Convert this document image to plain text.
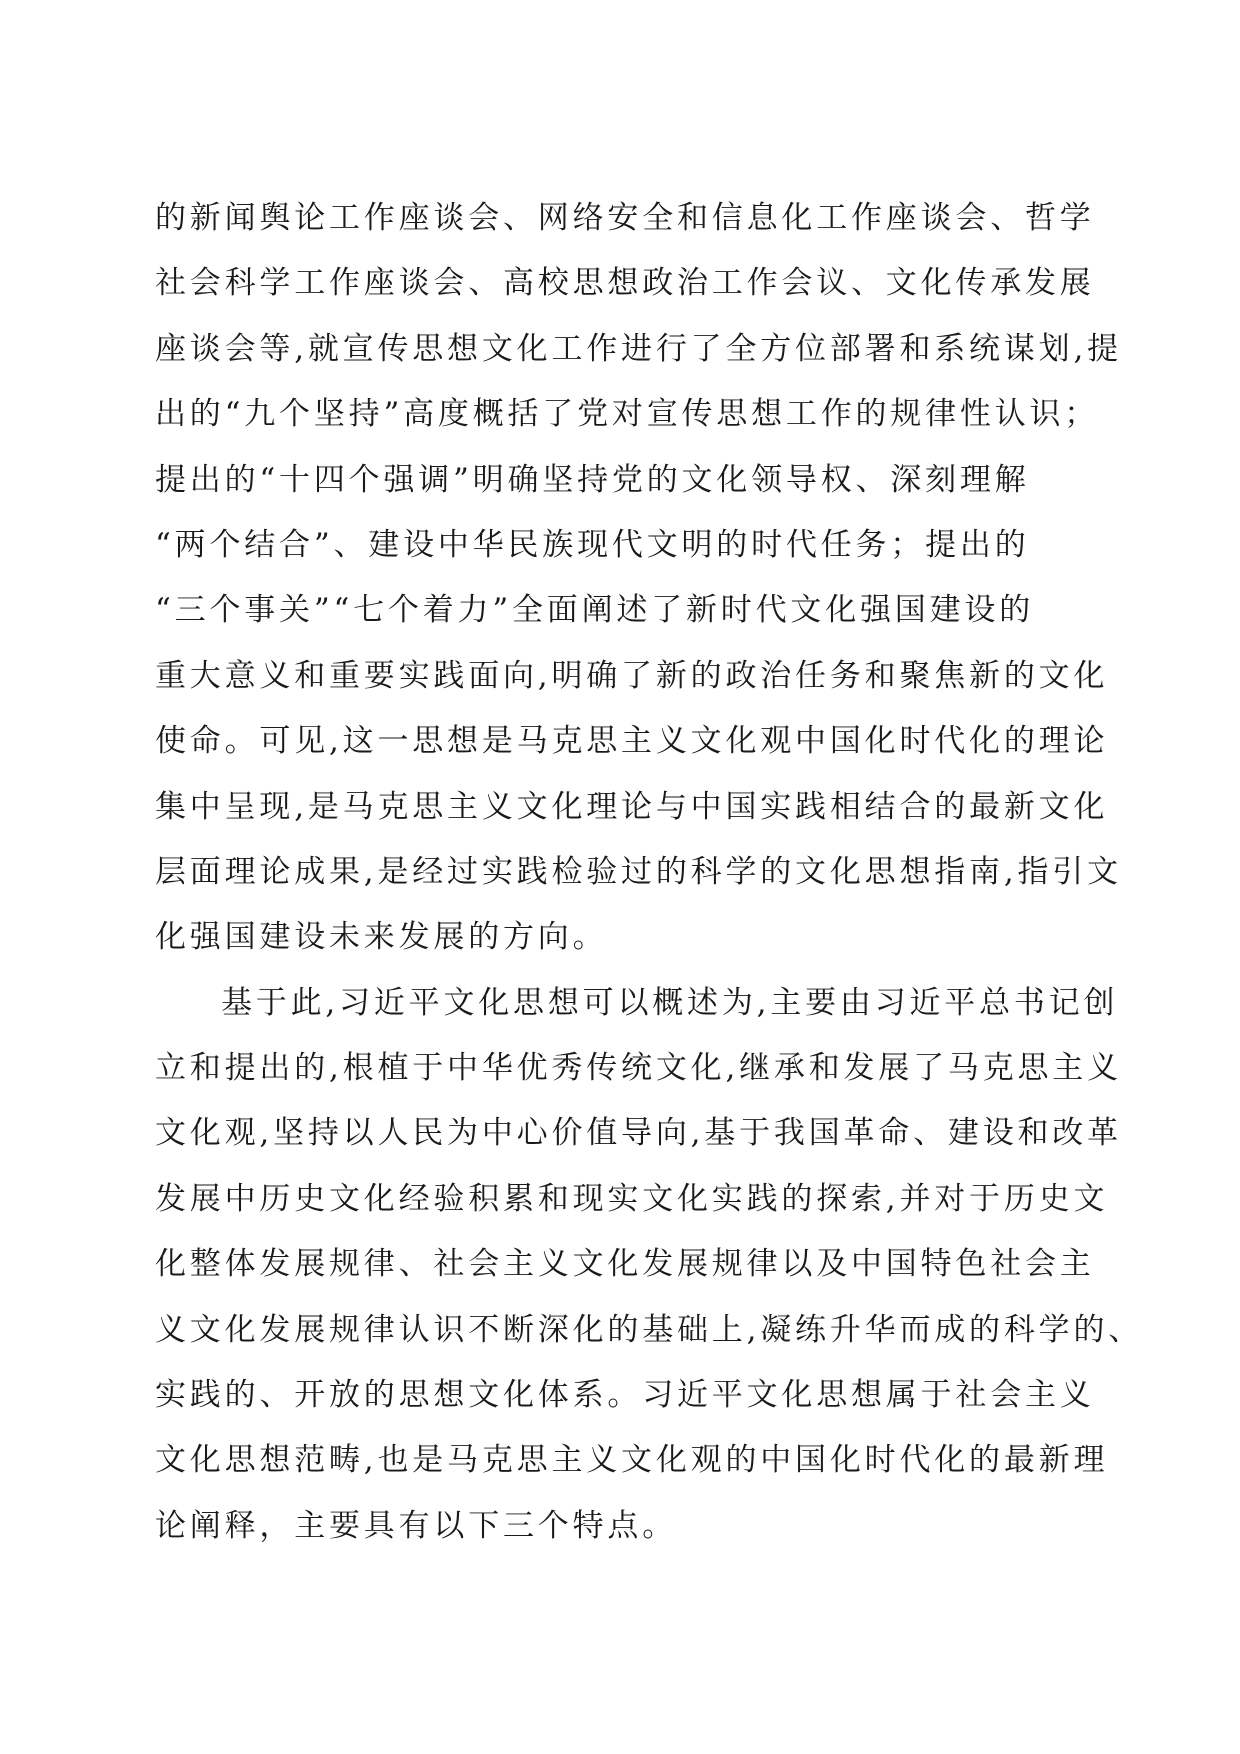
的新闻舆论工作座谈会、网络安全和信息化工作座谈会、哲学
社会科学工作座谈会、高校思想政治工作会议、文化传承发展
座谈会等,就宣传思想文化工作进行了全方位部署和系统谋划,提
出的“九个坚持”高度概括了党对宣传思想工作的规律性认识；
提出的“十四个强调”明确坚持党的文化领导权、深刻理解
“两个结合”、建设中华民族现代文明的时代任务；提出的
“三个事关”“七个着力”全面阐述了新时代文化强国建设的
重大意义和重要实践面向,明确了新的政治任务和聚焦新的文化
使命。可见,这一思想是马克思主义文化观中国化时代化的理论
集中呈现,是马克思主义文化理论与中国实践相结合的最新文化
层面理论成果,是经过实践检验过的科学的文化思想指南,指引文
化强国建设未来发展的方向。
基于此,习近平文化思想可以概述为,主要由习近平总书记创
立和提出的,根植于中华优秀传统文化,继承和发展了马克思主义
文化观,坚持以人民为中心价值导向,基于我国革命、建设和改革
发展中历史文化经验积累和现实文化实践的探索,并对于历史文
化整体发展规律、社会主义文化发展规律以及中国特色社会主
义文化发展规律认识不断深化的基础上,凝练升华而成的科学的、
实践的、开放的思想文化体系。习近平文化思想属于社会主义
文化思想范畴,也是马克思主义文化观的中国化时代化的最新理
论阐释，主要具有以下三个特点。
